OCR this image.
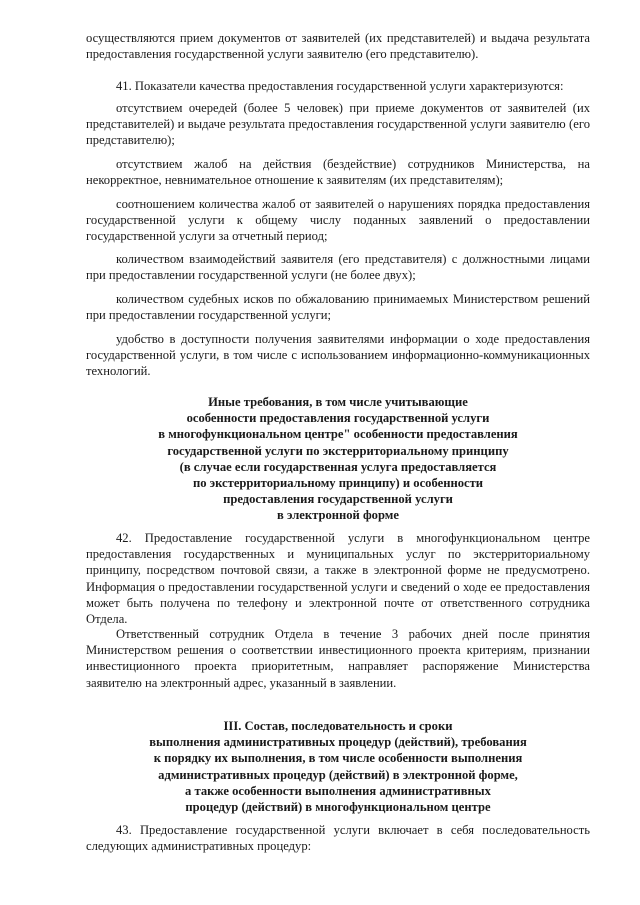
осуществляются прием документов от заявителей (их представителей) и выдача результата предоставления государственной услуги заявителю (его представителю).

41. Показатели качества предоставления государственной услуги характеризуются:

отсутствием очередей (более 5 человек) при приеме документов от заявителей (их представителей) и выдаче результата предоставления государственной услуги заявителю (его представителю);

отсутствием жалоб на действия (бездействие) сотрудников Министерства, на некорректное, невнимательное отношение к заявителям (их представителям);

соотношением количества жалоб от заявителей о нарушениях порядка предоставления государственной услуги к общему числу поданных заявлений о предоставлении государственной услуги за отчетный период;

количеством взаимодействий заявителя (его представителя) с должностными лицами при предоставлении государственной услуги (не более двух);

количеством судебных исков по обжалованию принимаемых Министерством решений при предоставлении государственной услуги;

удобство в доступности получения заявителями информации о ходе предоставления государственной услуги, в том числе с использованием информационно-коммуникационных технологий.

Иные требования, в том числе учитывающие
особенности предоставления государственной услуги
в многофункциональном центре" особенности предоставления
государственной услуги по экстерриториальному принципу
(в случае если государственная услуга предоставляется
по экстерриториальному принципу) и особенности
предоставления государственной услуги
в электронной форме

42. Предоставление государственной услуги в многофункциональном центре предоставления государственных и муниципальных услуг по экстерриториальному принципу, посредством почтовой связи, а также в электронной форме не предусмотрено. Информация о предоставлении государственной услуги и сведений о ходе ее предоставления может быть получена по телефону и электронной почте от ответственного сотрудника Отдела.

Ответственный сотрудник Отдела в течение 3 рабочих дней после принятия Министерством решения о соответствии инвестиционного проекта критериям, признании инвестиционного проекта приоритетным, направляет распоряжение Министерства заявителю на электронный адрес, указанный в заявлении.

III. Состав, последовательность и сроки
выполнения административных процедур (действий), требования
к порядку их выполнения, в том числе особенности выполнения
административных процедур (действий) в электронной форме,
а также особенности выполнения административных
процедур (действий) в многофункциональном центре

43. Предоставление государственной услуги включает в себя последовательность следующих административных процедур:
